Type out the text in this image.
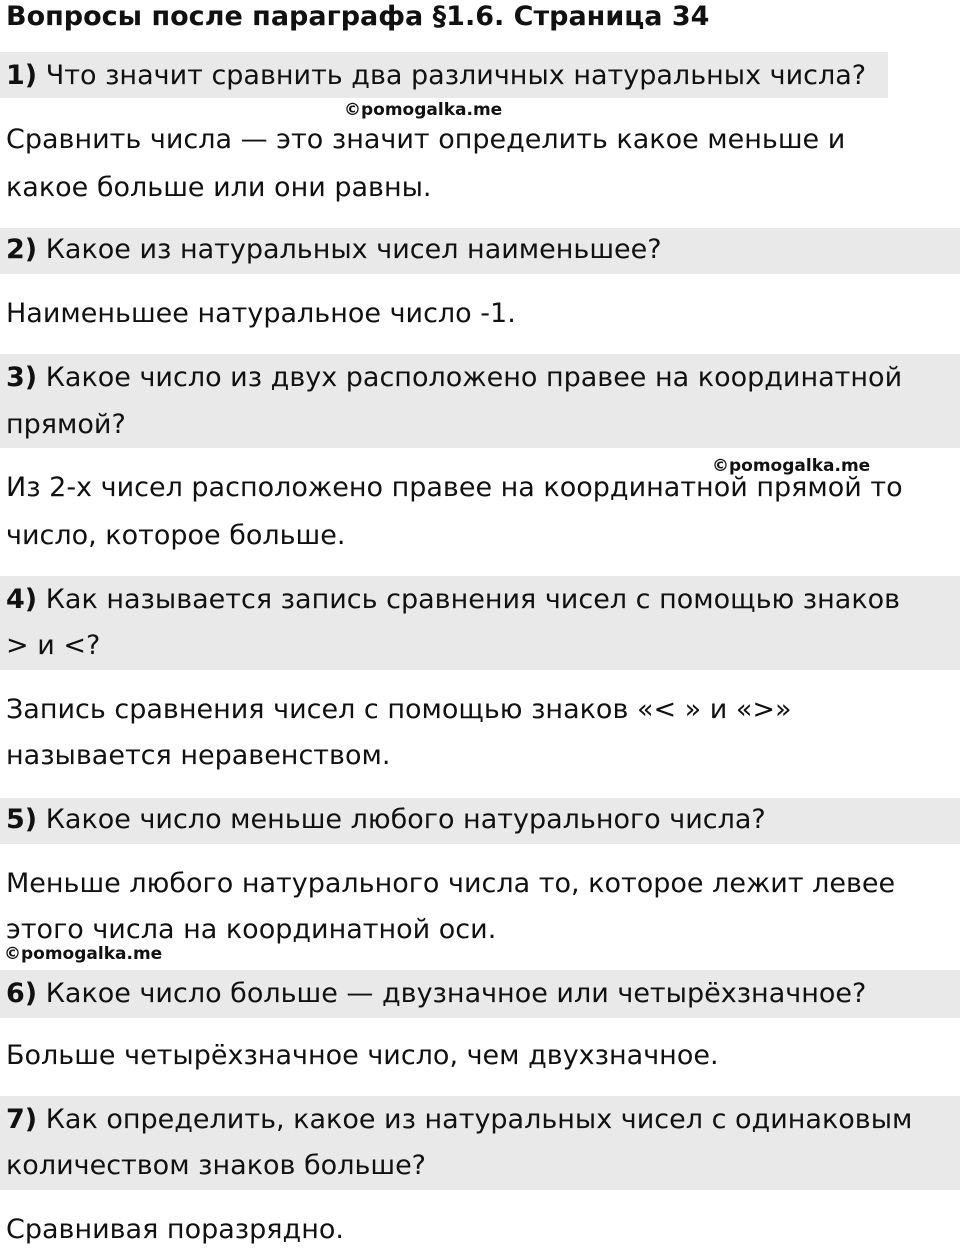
Вопросы после параграфа §1.6. Страница 34
1) Что значит сравнить два различных натуральных числа?
©pomogalka.me
Сравнить числа — это значит определить какое меньше и
какое больше или они равны.
2) Какое из натуральных чисел наименьшее?
Наименьшее натуральное число -1.
3) Какое число из двух расположено правее на координатной
прямой?
©pomogalka.me
Из 2-х чисел расположено правее на координатной прямой то
число, которое больше.
4) Как называется запись сравнения чисел с помощью знаков
> и <?
Запись сравнения чисел с помощью знаков «< » и «>»
называется неравенством.
5) Какое число меньше любого натурального числа?
Меньше любого натурального числа то, которое лежит левее
этого числа на координатной оси.
©pomogalka.me
6) Какое число больше — двузначное или четырёхзначное?
Больше четырёхзначное число, чем двухзначное.
7) Как определить, какое из натуральных чисел с одинаковым
количеством знаков больше?
Сравнивая поразрядно.
